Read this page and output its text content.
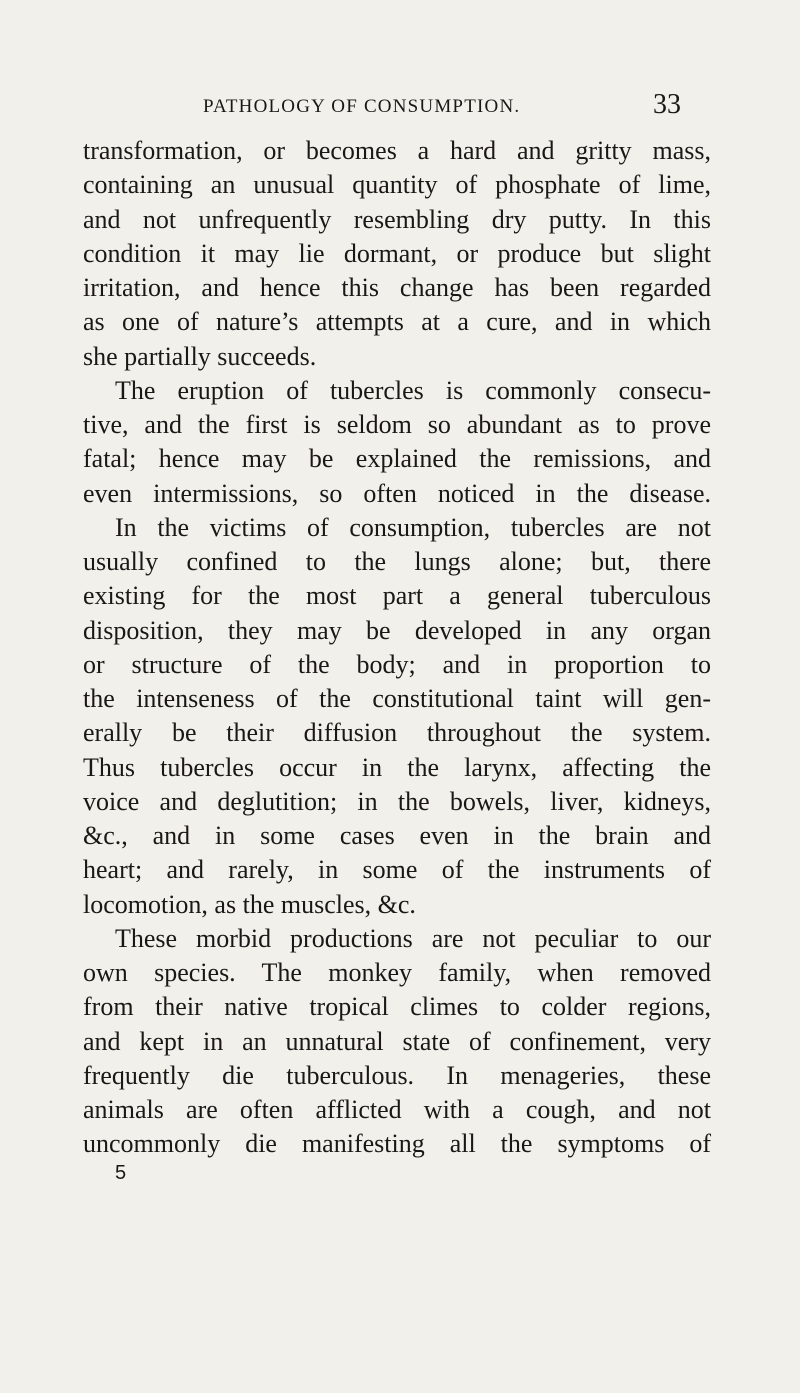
PATHOLOGY OF CONSUMPTION.	33
transformation, or becomes a hard and gritty mass,
containing an unusual quantity of phosphate of lime,
and not unfrequently resembling dry putty. In this
condition it may lie dormant, or produce but slight
irritation, and hence this change has been regarded
as one of nature’s attempts at a cure, and in which
she partially succeeds.
The eruption of tubercles is commonly consecu-
tive, and the first is seldom so abundant as to prove
fatal; hence may be explained the remissions, and
even intermissions, so often noticed in the disease.
In the victims of consumption, tubercles are not
usually confined to the lungs alone; but, there
existing for the most part a general tuberculous
disposition, they may be developed in any organ
or structure of the body; and in proportion to
the intenseness of the constitutional taint will gen-
erally be their diffusion throughout the system.
Thus tubercles occur in the larynx, affecting the
voice and deglutition; in the bowels, liver, kidneys,
&c., and in some cases even in the brain and
heart; and rarely, in some of the instruments of
locomotion, as the muscles, &c.
These morbid productions are not peculiar to our
own species. The monkey family, when removed
from their native tropical climes to colder regions,
and kept in an unnatural state of confinement, very
frequently die tuberculous. In menageries, these
animals are often afflicted with a cough, and not
uncommonly die manifesting all the symptoms of
5
